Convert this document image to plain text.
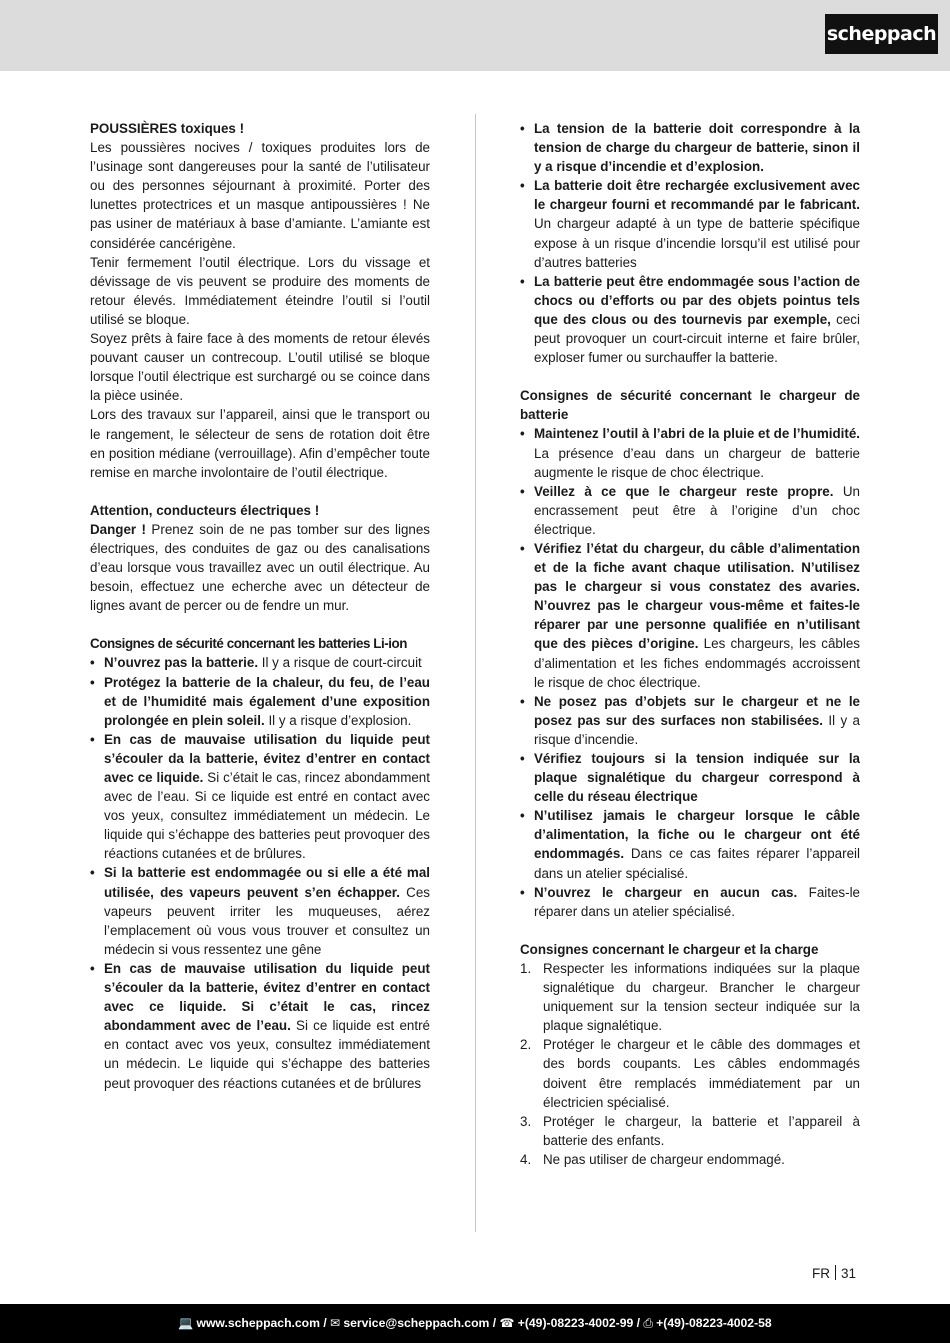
scheppach

POUSSIÈRES toxiques !

Les poussières nocives / toxiques produites lors de l’usinage sont dangereuses pour la santé de l’utilisateur ou des personnes séjournant à proximité. Porter des lunettes protectrices et un masque antipoussières ! Ne pas usiner de matériaux à base d’amiante. L’amiante est considérée cancérigène.

Tenir fermement l’outil électrique. Lors du vissage et dévissage de vis peuvent se produire des moments de retour élevés. Immédiatement éteindre l’outil si l’outil utilisé se bloque.

Soyez prêts à faire face à des moments de retour élevés pouvant causer un contrecoup. L’outil utilisé se bloque lorsque l’outil électrique est surchargé ou se coince dans la pièce usinée.

Lors des travaux sur l’appareil, ainsi que le transport ou le rangement, le sélecteur de sens de rotation doit être en position médiane (verrouillage). Afin d’empêcher toute remise en marche involontaire de l’outil électrique.

Attention, conducteurs électriques !

Danger ! Prenez soin de ne pas tomber sur des lignes électriques, des conduites de gaz ou des canalisations d’eau lorsque vous travaillez avec un outil électrique. Au besoin, effectuez une echerche avec un détecteur de lignes avant de percer ou de fendre un mur.

Consignes de sécurité concernant les batteries Li-ion

• N’ouvrez pas la batterie. Il y a risque de court-circuit
• Protégez la batterie de la chaleur, du feu, de l’eau et de l’humidité mais également d’une exposition prolongée en plein soleil. Il y a risque d’explosion.
• En cas de mauvaise utilisation du liquide peut s’écouler da la batterie, évitez d’entrer en contact avec ce liquide. Si c’était le cas, rincez abondamment avec de l’eau. Si ce liquide est entré en contact avec vos yeux, consultez immédiatement un médecin. Le liquide qui s’échappe des batteries peut provoquer des réactions cutanées et de brûlures.
• Si la batterie est endommagée ou si elle a été mal utilisée, des vapeurs peuvent s’en échapper. Ces vapeurs peuvent irriter les muqueuses, aérez l’emplacement où vous vous trouver et consultez un médecin si vous ressentez une gêne
• En cas de mauvaise utilisation du liquide peut s’écouler da la batterie, évitez d’entrer en contact avec ce liquide. Si c’était le cas, rincez abondamment avec de l’eau. Si ce liquide est entré en contact avec vos yeux, consultez immédiatement un médecin. Le liquide qui s’échappe des batteries peut provoquer des réactions cutanées et de brûlures
• La tension de la batterie doit correspondre à la tension de charge du chargeur de batterie, sinon il y a risque d’incendie et d’explosion.
• La batterie doit être rechargée exclusivement avec le chargeur fourni et recommandé par le fabricant. Un chargeur adapté à un type de batterie spécifique expose à un risque d’incendie lorsqu’il est utilisé pour d’autres batteries
• La batterie peut être endommagée sous l’action de chocs ou d’efforts ou par des objets pointus tels que des clous ou des tournevis par exemple, ceci peut provoquer un court-circuit interne et faire brûler, exploser fumer ou surchauffer la batterie.

Consignes de sécurité concernant le chargeur de batterie

• Maintenez l’outil à l’abri de la pluie et de l’humidité. La présence d’eau dans un chargeur de batterie augmente le risque de choc électrique.
• Veillez à ce que le chargeur reste propre. Un encrassement peut être à l’origine d’un choc électrique.
• Vérifiez l’état du chargeur, du câble d’alimentation et de la fiche avant chaque utilisation. N’utilisez pas le chargeur si vous constatez des avaries. N’ouvrez pas le chargeur vous-même et faites-le réparer par une personne qualifiée en n’utilisant que des pièces d’origine. Les chargeurs, les câbles d’alimentation et les fiches endommagés accroissent le risque de choc électrique.
• Ne posez pas d’objets sur le chargeur et ne le posez pas sur des surfaces non stabilisées. Il y a risque d’incendie.
• Vérifiez toujours si la tension indiquée sur la plaque signalétique du chargeur correspond à celle du réseau électrique
• N’utilisez jamais le chargeur lorsque le câble d’alimentation, la fiche ou le chargeur ont été endommagés. Dans ce cas faites réparer l’appareil dans un atelier spécialisé.
• N’ouvrez le chargeur en aucun cas. Faites-le réparer dans un atelier spécialisé.

Consignes concernant le chargeur et la charge

1. Respecter les informations indiquées sur la plaque signalétique du chargeur. Brancher le chargeur uniquement sur la tension secteur indiquée sur la plaque signalétique.
2. Protéger le chargeur et le câble des dommages et des bords coupants. Les câbles endommagés doivent être remplacés immédiatement par un électricien spécialisé.
3. Protéger le chargeur, la batterie et l’appareil à batterie des enfants.
4. Ne pas utiliser de chargeur endommagé.
FR 31
💻 www.scheppach.com / ✉ service@scheppach.com / ☎ +(49)-08223-4002-99 / ⎙ +(49)-08223-4002-58
